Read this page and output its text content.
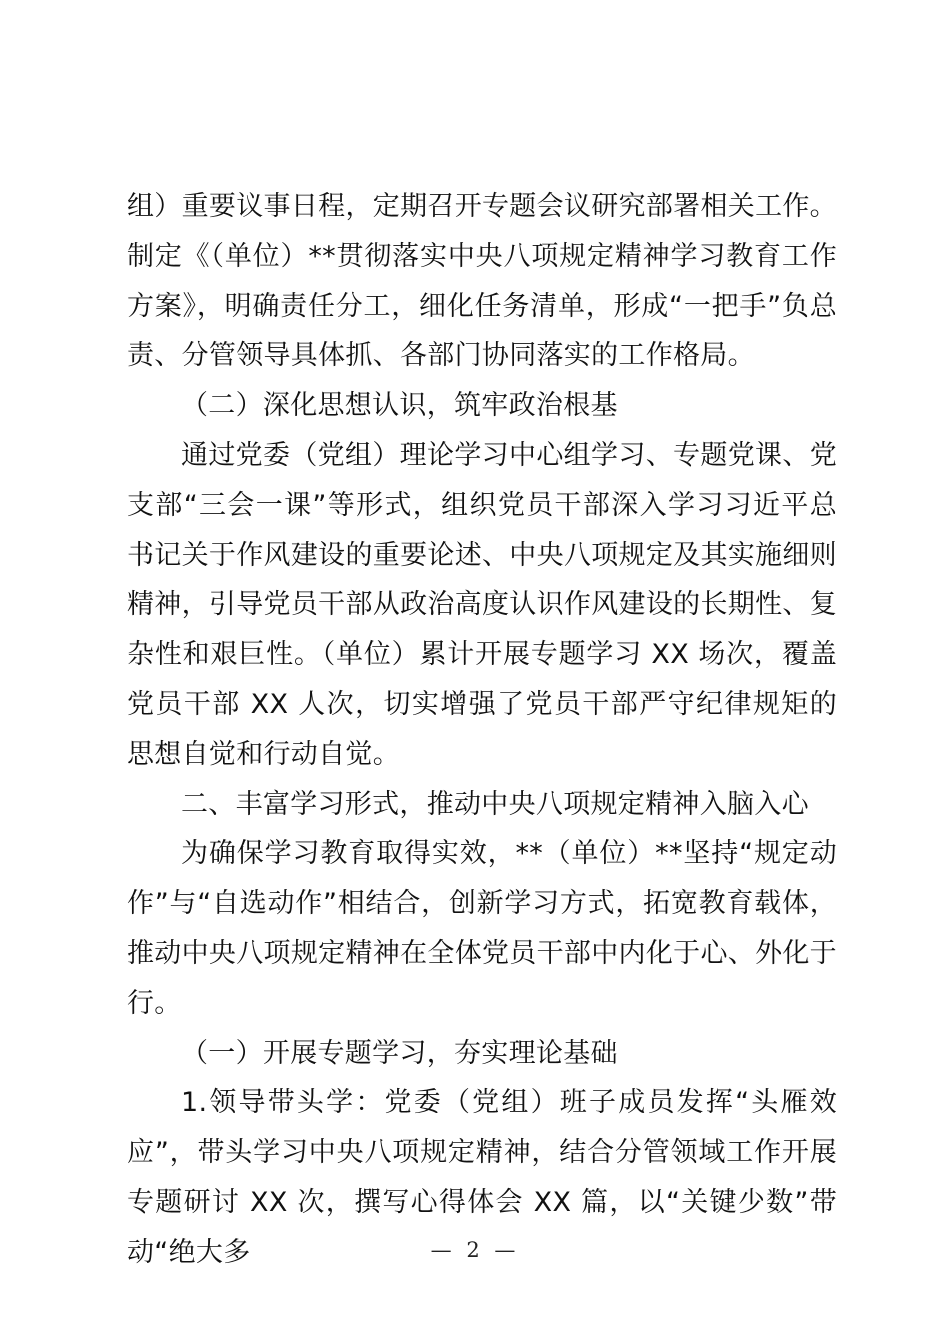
组）重要议事日程，定期召开专题会议研究部署相关工作。制定《（单位）**贯彻落实中央八项规定精神学习教育工作方案》，明确责任分工，细化任务清单，形成“一把手”负总责、分管领导具体抓、各部门协同落实的工作格局。

（二）深化思想认识，筑牢政治根基

通过党委（党组）理论学习中心组学习、专题党课、党支部“三会一课”等形式，组织党员干部深入学习习近平总书记关于作风建设的重要论述、中央八项规定及其实施细则精神，引导党员干部从政治高度认识作风建设的长期性、复杂性和艰巨性。（单位）累计开展专题学习 XX 场次，覆盖党员干部 XX 人次，切实增强了党员干部严守纪律规矩的思想自觉和行动自觉。

二、丰富学习形式，推动中央八项规定精神入脑入心

为确保学习教育取得实效，**（单位）**坚持“规定动作”与“自选动作”相结合，创新学习方式，拓宽教育载体，推动中央八项规定精神在全体党员干部中内化于心、外化于行。

（一）开展专题学习，夯实理论基础

1.领导带头学：党委（党组）班子成员发挥“头雁效应”，带头学习中央八项规定精神，结合分管领域工作开展专题研讨 XX 次，撰写心得体会 XX 篇，以“关键少数”带动“绝大多	— 2 —
